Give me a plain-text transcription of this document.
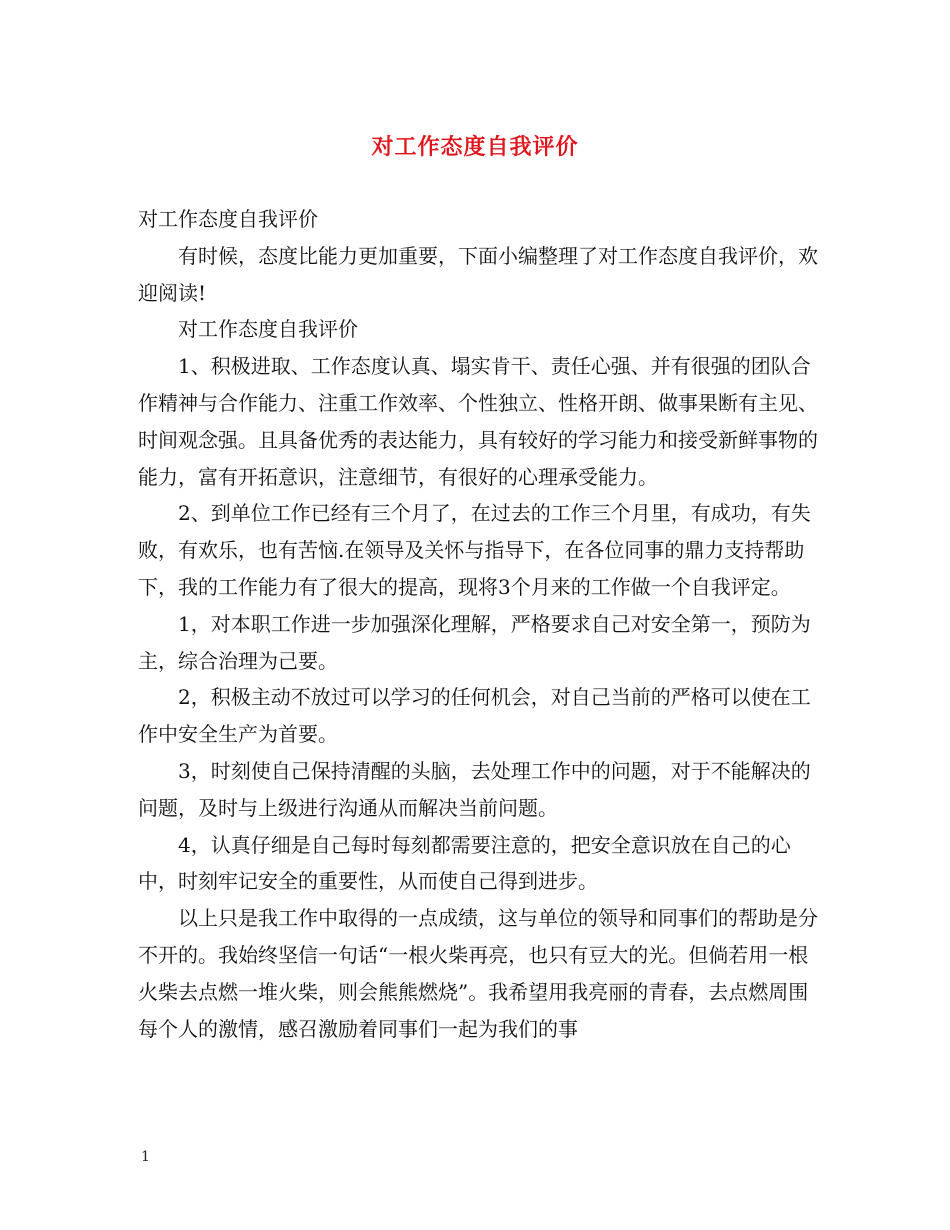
对工作态度自我评价

对工作态度自我评价

有时候，态度比能力更加重要，下面小编整理了对工作态度自我评价，欢迎阅读!

对工作态度自我评价

1、积极进取、工作态度认真、塌实肯干、责任心强、并有很强的团队合作精神与合作能力、注重工作效率、个性独立、性格开朗、做事果断有主见、时间观念强。且具备优秀的表达能力，具有较好的学习能力和接受新鲜事物的能力，富有开拓意识，注意细节，有很好的心理承受能力。

2、到单位工作已经有三个月了，在过去的工作三个月里，有成功，有失败，有欢乐，也有苦恼.在领导及关怀与指导下，在各位同事的鼎力支持帮助下，我的工作能力有了很大的提高，现将3个月来的工作做一个自我评定。

1，对本职工作进一步加强深化理解，严格要求自己对安全第一，预防为主，综合治理为己要。

2，积极主动不放过可以学习的任何机会，对自己当前的严格可以使在工作中安全生产为首要。

3，时刻使自己保持清醒的头脑，去处理工作中的问题，对于不能解决的问题，及时与上级进行沟通从而解决当前问题。

4，认真仔细是自己每时每刻都需要注意的，把安全意识放在自己的心中，时刻牢记安全的重要性，从而使自己得到进步。

以上只是我工作中取得的一点成绩，这与单位的领导和同事们的帮助是分不开的。我始终坚信一句话“一根火柴再亮，也只有豆大的光。但倘若用一根火柴去点燃一堆火柴，则会熊熊燃烧”。我希望用我亮丽的青春，去点燃周围每个人的激情，感召激励着同事们一起为我们的事

1
